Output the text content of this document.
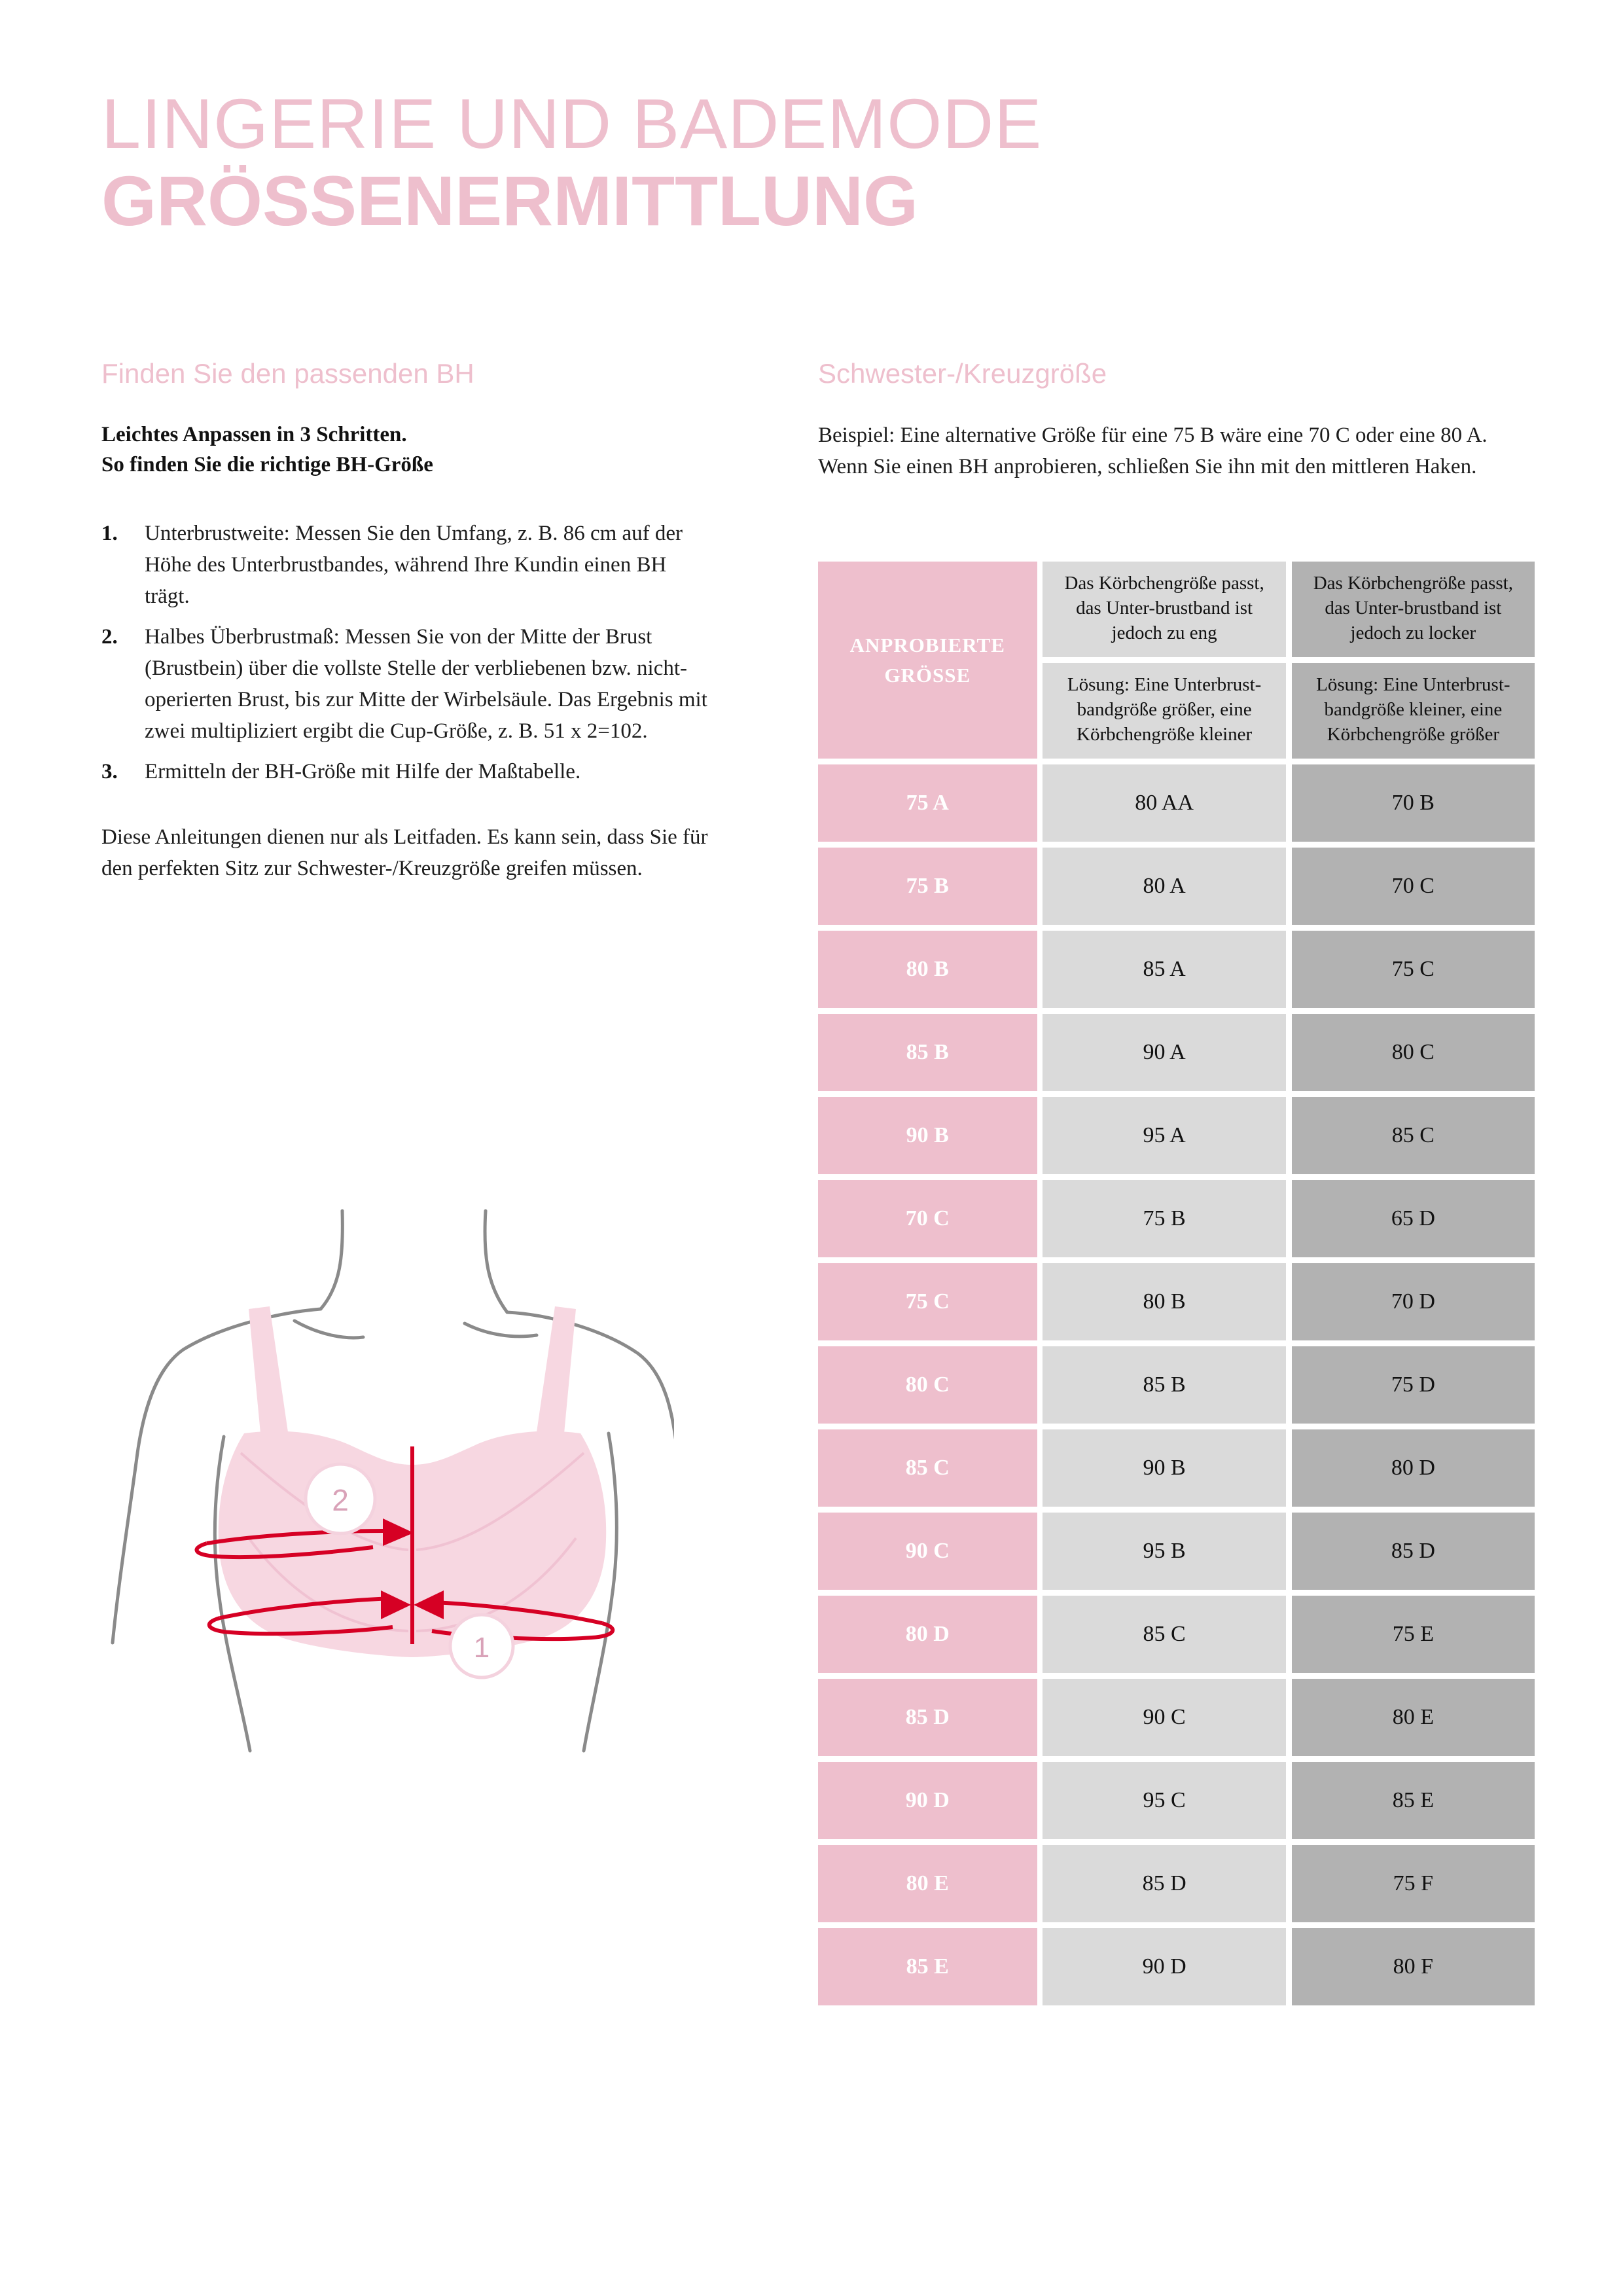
LINGERIE UND BADEMODE
GRÖSSENERMITTLUNG
Finden Sie den passenden BH
Leichtes Anpassen in 3 Schritten.
So finden Sie die richtige BH-Größe
1. Unterbrustweite: Messen Sie den Umfang, z. B. 86 cm auf der Höhe des Unterbrustbandes, während Ihre Kundin einen BH trägt.
2. Halbes Überbrustmaß: Messen Sie von der Mitte der Brust (Brustbein) über die vollste Stelle der verbliebenen bzw. nicht-operierten Brust, bis zur Mitte der Wirbelsäule. Das Ergebnis mit zwei multipliziert ergibt die Cup-Größe, z. B. 51 x 2=102.
3. Ermitteln der BH-Größe mit Hilfe der Maßtabelle.
Diese Anleitungen dienen nur als Leitfaden. Es kann sein, dass Sie für den perfekten Sitz zur Schwester-/Kreuzgröße greifen müssen.
2
1
Schwester-/Kreuzgröße
Beispiel: Eine alternative Größe für eine 75 B wäre eine 70 C oder eine 80 A. Wenn Sie einen BH anprobieren, schließen Sie ihn mit den mittleren Haken.
ANPROBIERTE GRÖSSE		Das Körbchengröße passt, das Unter-brustband ist jedoch zu eng		Das Körbchengröße passt, das Unter-brustband ist jedoch zu locker

		Lösung: Eine Unterbrust-bandgröße größer, eine Körbchengröße kleiner		Lösung: Eine Unterbrust-bandgröße kleiner, eine Körbchengröße größer

75 A		80 AA		70 B

75 B		80 A		70 C

80 B		85 A		75 C

85 B		90 A		80 C

90 B		95 A		85 C

70 C		75 B		65 D

75 C		80 B		70 D

80 C		85 B		75 D

85 C		90 B		80 D

90 C		95 B		85 D

80 D		85 C		75 E

85 D		90 C		80 E

90 D		95 C		85 E

80 E		85 D		75 F

85 E		90 D		80 F
